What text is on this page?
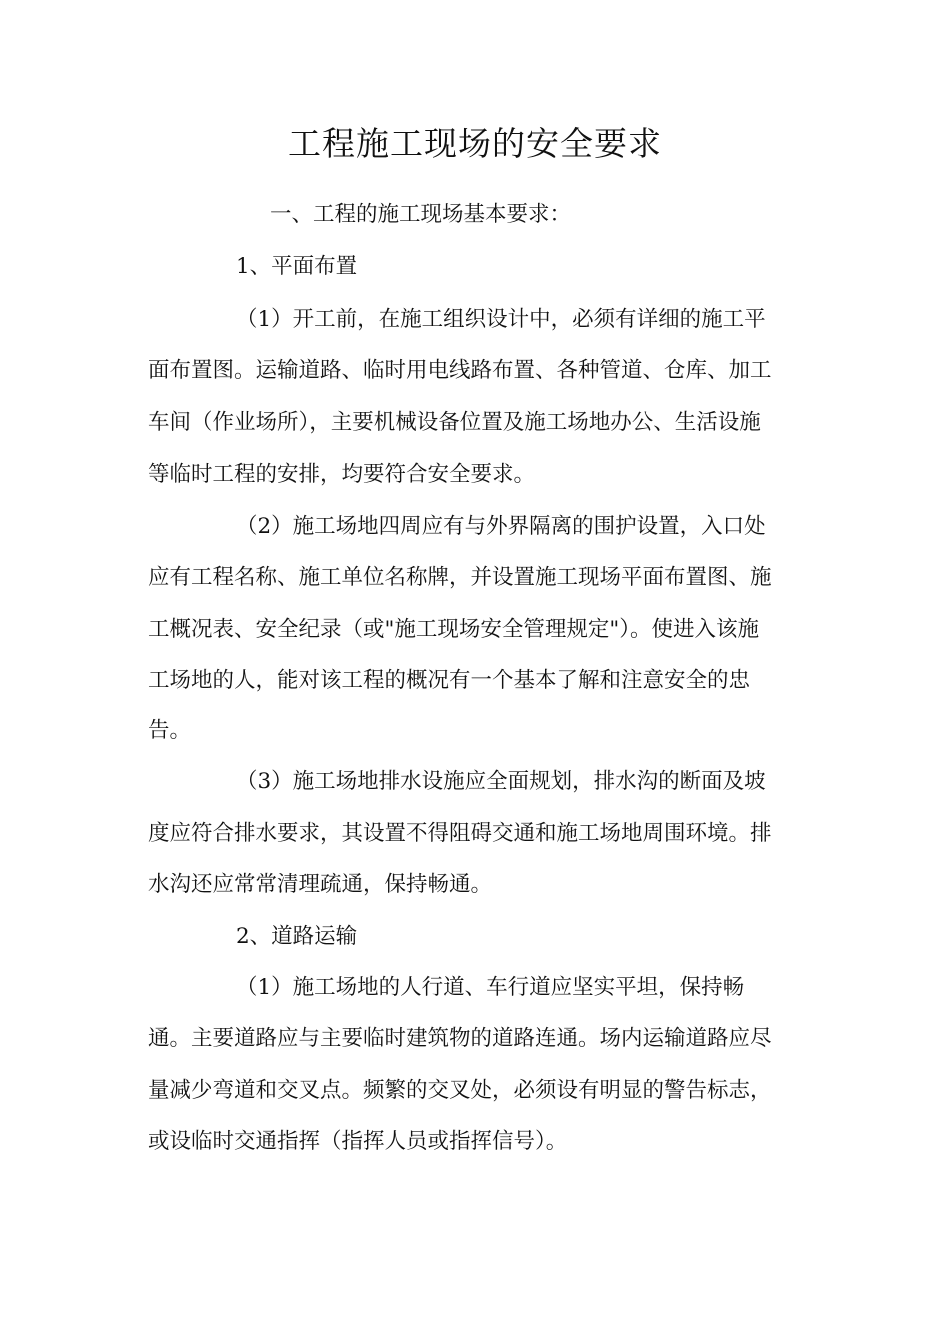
工程施工现场的安全要求

一、工程的施工现场基本要求：

1、平面布置

（1）开工前，在施工组织设计中，必须有详细的施工平

面布置图。运输道路、临时用电线路布置、各种管道、仓库、加工

车间（作业场所），主要机械设备位置及施工场地办公、生活设施

等临时工程的安排，均要符合安全要求。

（2）施工场地四周应有与外界隔离的围护设置，入口处

应有工程名称、施工单位名称牌，并设置施工现场平面布置图、施

工概况表、安全纪录（或"施工现场安全管理规定"）。使进入该施

工场地的人，能对该工程的概况有一个基本了解和注意安全的忠

告。

（3）施工场地排水设施应全面规划，排水沟的断面及坡

度应符合排水要求，其设置不得阻碍交通和施工场地周围环境。排

水沟还应常常清理疏通，保持畅通。

2、道路运输

（1）施工场地的人行道、车行道应坚实平坦，保持畅

通。主要道路应与主要临时建筑物的道路连通。场内运输道路应尽

量减少弯道和交叉点。频繁的交叉处，必须设有明显的警告标志，

或设临时交通指挥（指挥人员或指挥信号）。
